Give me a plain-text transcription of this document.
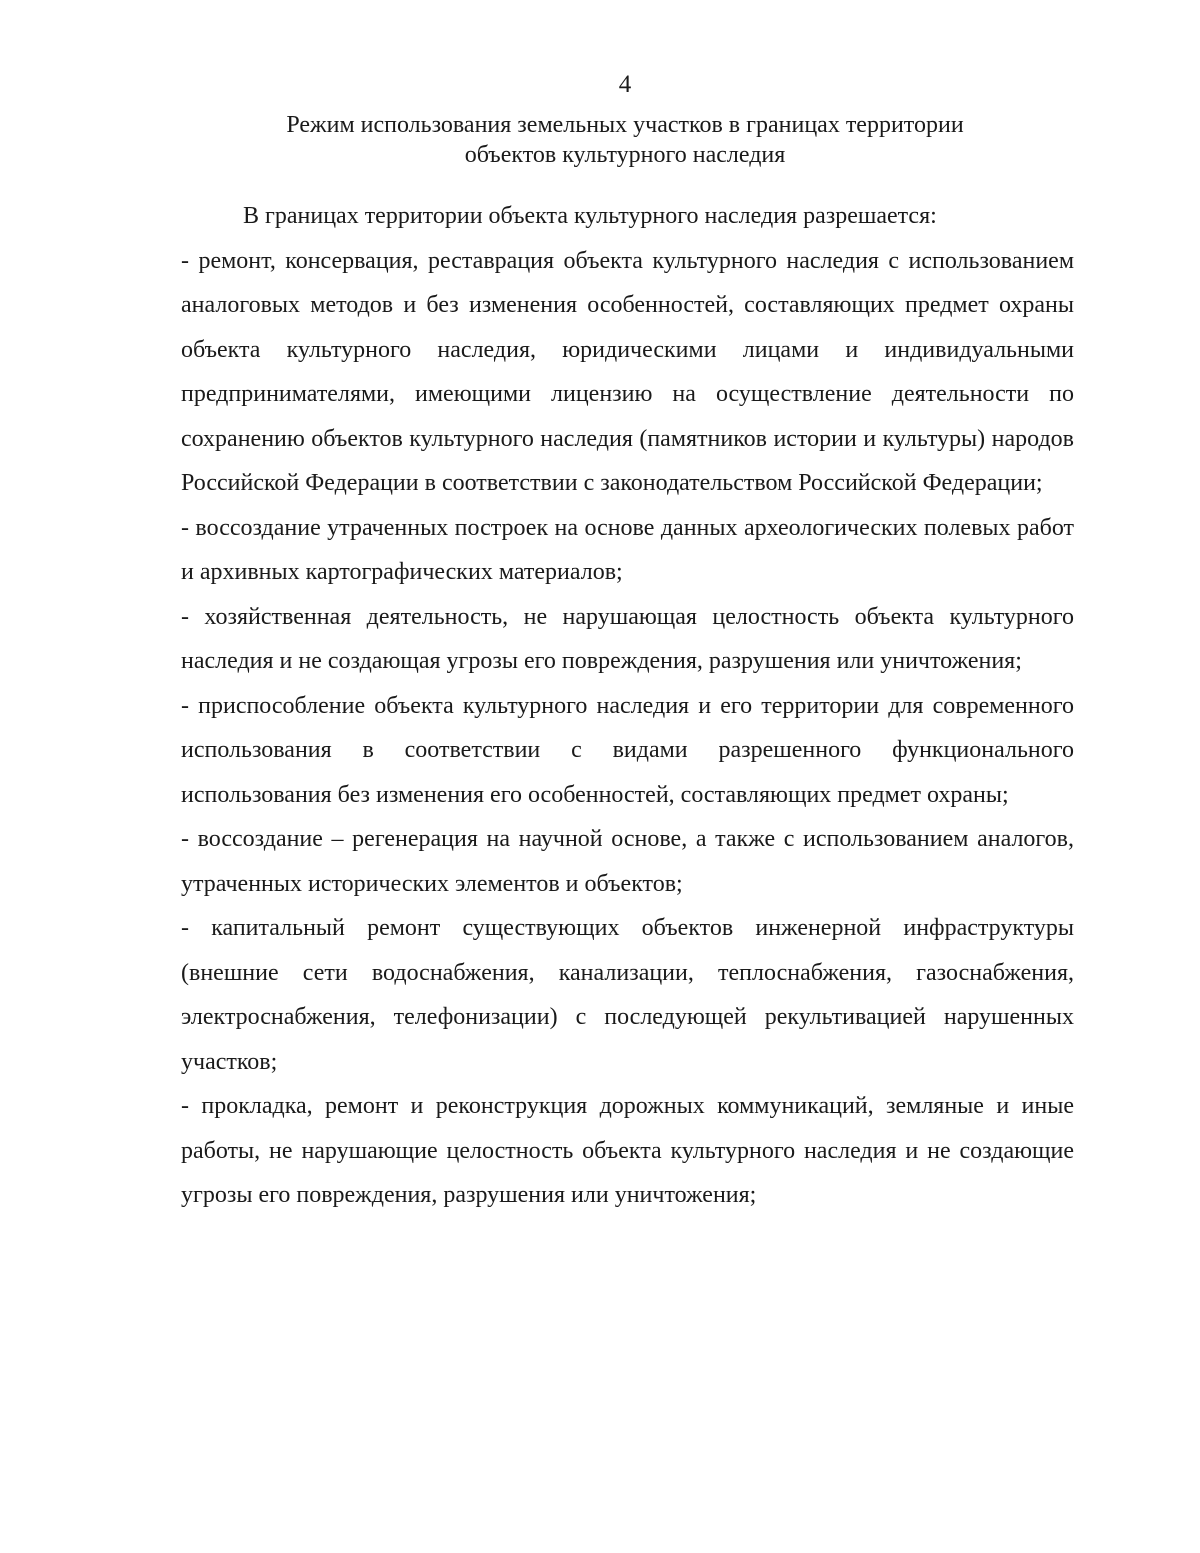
4
Режим использования земельных участков в границах территории
объектов культурного наследия

В границах территории объекта культурного наследия разрешается:

- ремонт, консервация, реставрация объекта культурного наследия с использованием аналоговых методов и без изменения особенностей, составляющих предмет охраны объекта культурного наследия, юридическими лицами и индивидуальными предпринимателями, имеющими лицензию на осуществление деятельности по сохранению объектов культурного наследия (памятников истории и культуры) народов Российской Федерации в соответствии с законодательством Российской Федерации;

- воссоздание утраченных построек на основе данных археологических полевых работ и архивных картографических материалов;

- хозяйственная деятельность, не нарушающая целостность объекта культурного наследия и не создающая угрозы его повреждения, разрушения или уничтожения;

- приспособление объекта культурного наследия и его территории для современного использования в соответствии с видами разрешенного функционального использования без изменения его особенностей, составляющих предмет охраны;

- воссоздание – регенерация на научной основе, а также с использованием аналогов, утраченных исторических элементов и объектов;

- капитальный ремонт существующих объектов инженерной инфраструктуры (внешние сети водоснабжения, канализации, теплоснабжения, газоснабжения, электроснабжения, телефонизации) с последующей рекультивацией нарушенных участков;

- прокладка, ремонт и реконструкция дорожных коммуникаций, земляные и иные работы, не нарушающие целостность объекта культурного наследия и не создающие угрозы его повреждения, разрушения или уничтожения;
